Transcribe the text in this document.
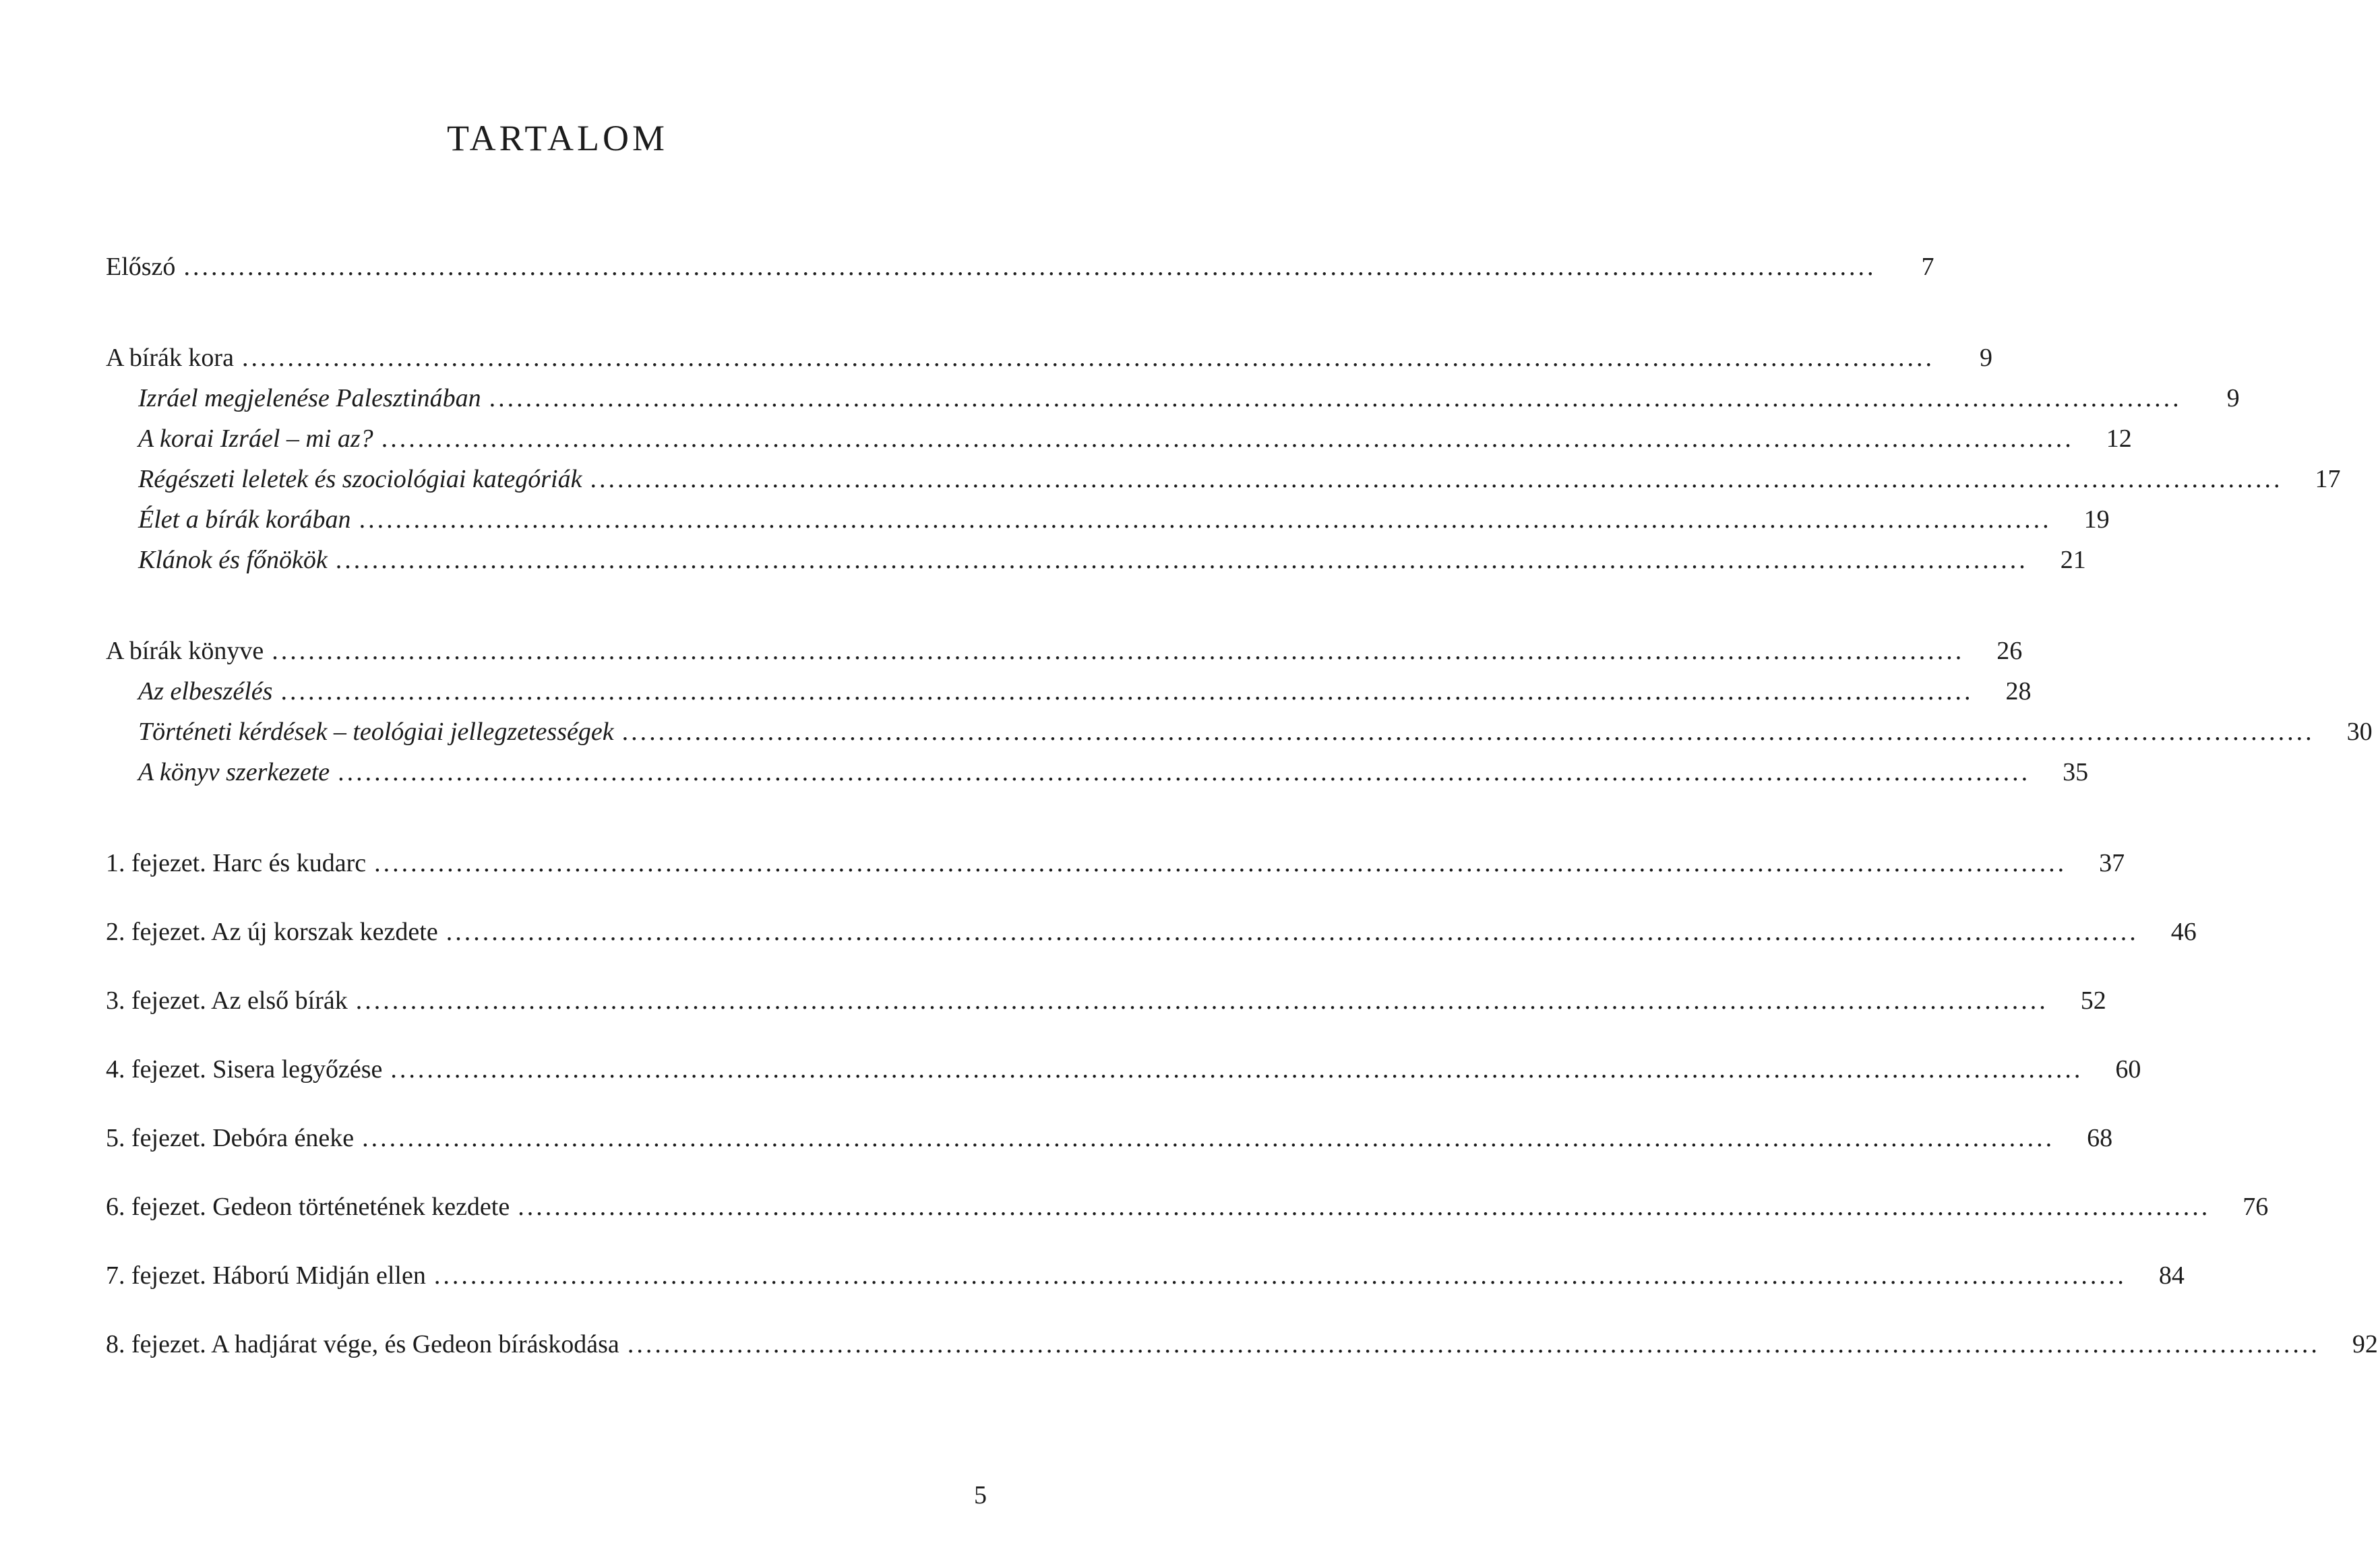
TARTALOM
Előszó ..........................................................................................................................................................................................	7
A bírák kora ..........................................................................................................................................................................................	9
Izráel megjelenése Palesztinában ..........................................................................................................................................................................................	9
A korai Izráel – mi az? ..........................................................................................................................................................................................	12
Régészeti leletek és szociológiai kategóriák ..........................................................................................................................................................................................	17
Élet a bírák korában ..........................................................................................................................................................................................	19
Klánok és főnökök ..........................................................................................................................................................................................	21
A bírák könyve ..........................................................................................................................................................................................	26
Az elbeszélés ..........................................................................................................................................................................................	28
Történeti kérdések – teológiai jellegzetességek ..........................................................................................................................................................................................	30
A könyv szerkezete ..........................................................................................................................................................................................	35
1. fejezet. Harc és kudarc ..........................................................................................................................................................................................	37
2. fejezet. Az új korszak kezdete ..........................................................................................................................................................................................	46
3. fejezet. Az első bírák ..........................................................................................................................................................................................	52
4. fejezet. Sisera legyőzése ..........................................................................................................................................................................................	60
5. fejezet. Debóra éneke ..........................................................................................................................................................................................	68
6. fejezet. Gedeon történetének kezdete ..........................................................................................................................................................................................	76
7. fejezet. Háború Midján ellen ..........................................................................................................................................................................................	84
8. fejezet. A hadjárat vége, és Gedeon bíráskodása ..........................................................................................................................................................................................	92
5
